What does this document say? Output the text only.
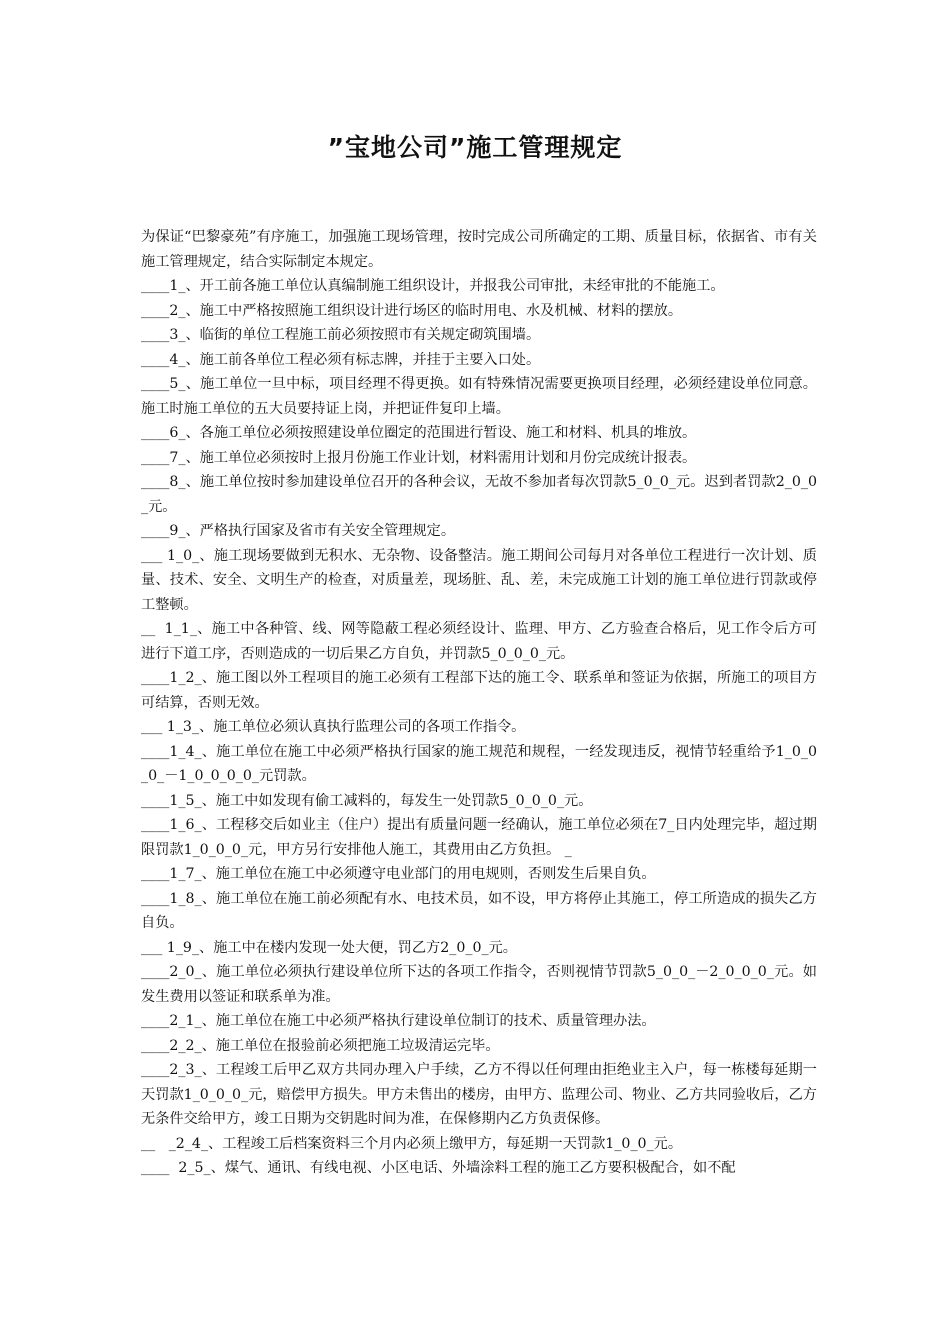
”宝地公司”施工管理规定

为保证“巴黎豪苑”有序施工，加强施工现场管理，按时完成公司所确定的工期、质量目标，依据省、市有关施工管理规定，结合实际制定本规定。

____1_、开工前各施工单位认真编制施工组织设计，并报我公司审批，未经审批的不能施工。

____2_、施工中严格按照施工组织设计进行场区的临时用电、水及机械、材料的摆放。

____3_、临街的单位工程施工前必须按照市有关规定砌筑围墙。

____4_、施工前各单位工程必须有标志牌，并挂于主要入口处。

____5_、施工单位一旦中标，项目经理不得更换。如有特殊情况需要更换项目经理，必须经建设单位同意。施工时施工单位的五大员要持证上岗，并把证件复印上墙。

____6_、各施工单位必须按照建设单位圈定的范围进行暂设、施工和材料、机具的堆放。

____7_、施工单位必须按时上报月份施工作业计划，材料需用计划和月份完成统计报表。

____8_、施工单位按时参加建设单位召开的各种会议，无故不参加者每次罚款5_0_0_元。迟到者罚款2_0_0_元。

____9_、严格执行国家及省市有关安全管理规定。

___ 1_0_、施工现场要做到无积水、无杂物、设备整洁。施工期间公司每月对各单位工程进行一次计划、质量、技术、安全、文明生产的检查，对质量差，现场脏、乱、差，未完成施工计划的施工单位进行罚款或停工整顿。

__  1_1_、施工中各种管、线、网等隐蔽工程必须经设计、监理、甲方、乙方验查合格后，见工作令后方可进行下道工序，否则造成的一切后果乙方自负，并罚款5_0_0_0_元。

____1_2_、施工图以外工程项目的施工必须有工程部下达的施工令、联系单和签证为依据，所施工的项目方可结算，否则无效。

___ 1_3_、施工单位必须认真执行监理公司的各项工作指令。

____1_4_、施工单位在施工中必须严格执行国家的施工规范和规程，一经发现违反，视情节轻重给予1_0_0_0_－1_0_0_0_0_元罚款。

____1_5_、施工中如发现有偷工减料的，每发生一处罚款5_0_0_0_元。

____1_6_、工程移交后如业主（住户）提出有质量问题一经确认，施工单位必须在7_日内处理完毕，超过期限罚款1_0_0_0_元，甲方另行安排他人施工，其费用由乙方负担。 _

____1_7_、施工单位在施工中必须遵守电业部门的用电规则，否则发生后果自负。

____1_8_、施工单位在施工前必须配有水、电技术员，如不设，甲方将停止其施工，停工所造成的损失乙方自负。

___ 1_9_、施工中在楼内发现一处大便，罚乙方2_0_0_元。

____2_0_、施工单位必须执行建设单位所下达的各项工作指令，否则视情节罚款5_0_0_－2_0_0_0_元。如发生费用以签证和联系单为准。

____2_1_、施工单位在施工中必须严格执行建设单位制订的技术、质量管理办法。

____2_2_、施工单位在报验前必须把施工垃圾清运完毕。

____2_3_、工程竣工后甲乙双方共同办理入户手续，乙方不得以任何理由拒绝业主入户，每一栋楼每延期一天罚款1_0_0_0_元，赔偿甲方损失。甲方未售出的楼房，由甲方、监理公司、物业、乙方共同验收后，乙方无条件交给甲方，竣工日期为交钥匙时间为准，在保修期内乙方负责保修。

__   _2_4_、工程竣工后档案资料三个月内必须上缴甲方，每延期一天罚款1_0_0_元。

____  2_5_、煤气、通讯、有线电视、小区电话、外墙涂料工程的施工乙方要积极配合，如不配
